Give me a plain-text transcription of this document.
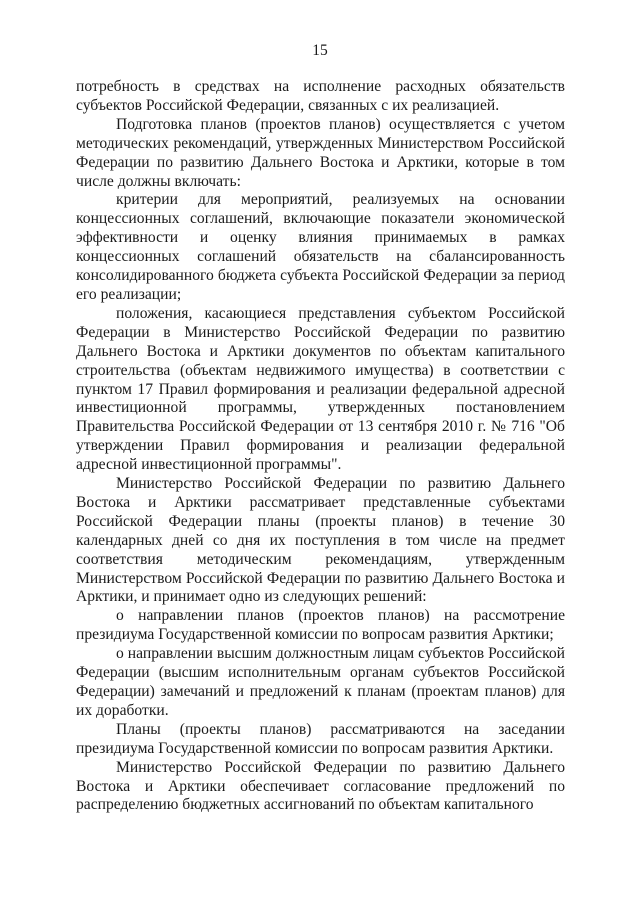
15

потребность в средствах на исполнение расходных обязательств субъектов Российской Федерации, связанных с их реализацией.

Подготовка планов (проектов планов) осуществляется с учетом методических рекомендаций, утвержденных Министерством Российской Федерации по развитию Дальнего Востока и Арктики, которые в том числе должны включать:

критерии для мероприятий, реализуемых на основании концессионных соглашений, включающие показатели экономической эффективности и оценку влияния принимаемых в рамках концессионных соглашений обязательств на сбалансированность консолидированного бюджета субъекта Российской Федерации за период его реализации;

положения, касающиеся представления субъектом Российской Федерации в Министерство Российской Федерации по развитию Дальнего Востока и Арктики документов по объектам капитального строительства (объектам недвижимого имущества) в соответствии с пунктом 17 Правил формирования и реализации федеральной адресной инвестиционной программы, утвержденных постановлением Правительства Российской Федерации от 13 сентября 2010 г. № 716 "Об утверждении Правил формирования и реализации федеральной адресной инвестиционной программы".

Министерство Российской Федерации по развитию Дальнего Востока и Арктики рассматривает представленные субъектами Российской Федерации планы (проекты планов) в течение 30 календарных дней со дня их поступления в том числе на предмет соответствия методическим рекомендациям, утвержденным Министерством Российской Федерации по развитию Дальнего Востока и Арктики, и принимает одно из следующих решений:

о направлении планов (проектов планов) на рассмотрение президиума Государственной комиссии по вопросам развития Арктики;

о направлении высшим должностным лицам субъектов Российской Федерации (высшим исполнительным органам субъектов Российской Федерации) замечаний и предложений к планам (проектам планов) для их доработки.

Планы (проекты планов) рассматриваются на заседании президиума Государственной комиссии по вопросам развития Арктики.

Министерство Российской Федерации по развитию Дальнего Востока и Арктики обеспечивает согласование предложений по распределению бюджетных ассигнований по объектам капитального
